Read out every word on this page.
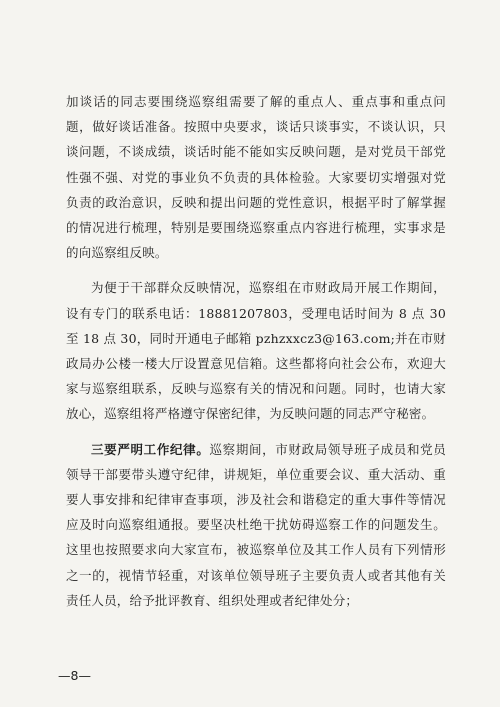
加谈话的同志要围绕巡察组需要了解的重点人、重点事和重点问题，做好谈话准备。按照中央要求，谈话只谈事实，不谈认识，只谈问题，不谈成绩，谈话时能不能如实反映问题，是对党员干部党性强不强、对党的事业负不负责的具体检验。大家要切实增强对党负责的政治意识，反映和提出问题的党性意识，根据平时了解掌握的情况进行梳理，特别是要围绕巡察重点内容进行梳理，实事求是的向巡察组反映。

为便于干部群众反映情况，巡察组在市财政局开展工作期间，设有专门的联系电话：18881207803，受理电话时间为 8 点 30 至 18 点 30，同时开通电子邮箱 pzhzxxcz3@163.com;并在市财政局办公楼一楼大厅设置意见信箱。这些都将向社会公布，欢迎大家与巡察组联系，反映与巡察有关的情况和问题。同时，也请大家放心，巡察组将严格遵守保密纪律，为反映问题的同志严守秘密。

三要严明工作纪律。巡察期间，市财政局领导班子成员和党员领导干部要带头遵守纪律，讲规矩，单位重要会议、重大活动、重要人事安排和纪律审查事项，涉及社会和谐稳定的重大事件等情况应及时向巡察组通报。要坚决杜绝干扰妨碍巡察工作的问题发生。这里也按照要求向大家宣布，被巡察单位及其工作人员有下列情形之一的，视情节轻重，对该单位领导班子主要负责人或者其他有关责任人员，给予批评教育、组织处理或者纪律处分；

—8—
